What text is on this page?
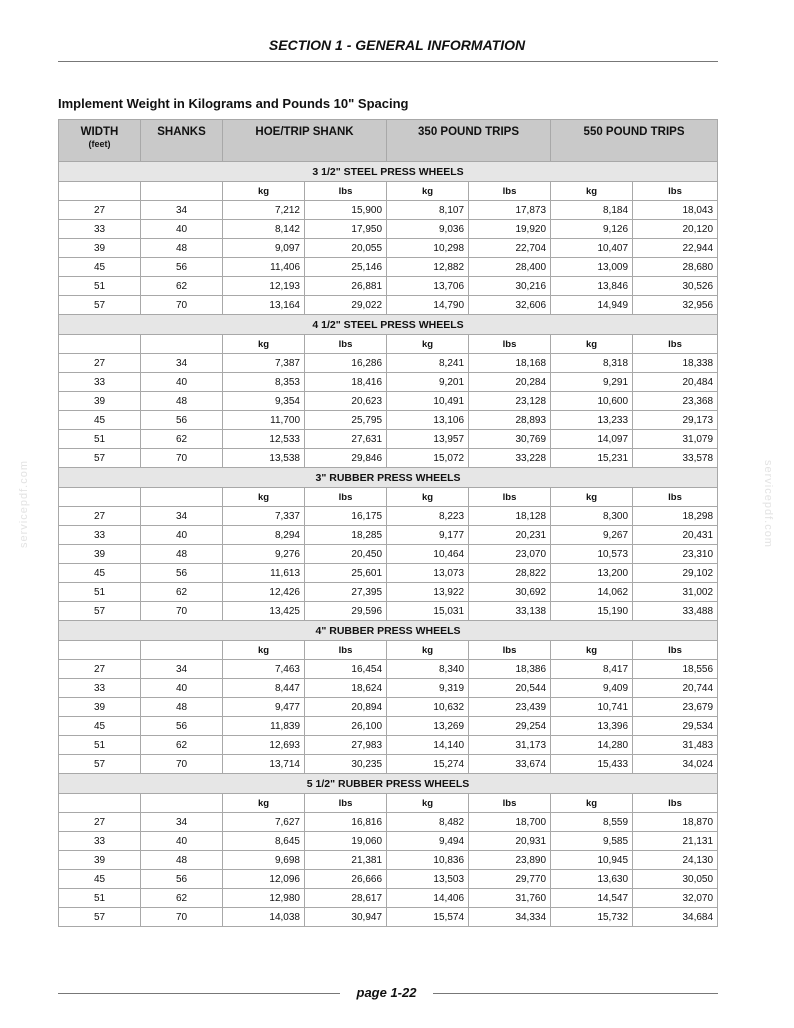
SECTION 1 - GENERAL INFORMATION
Implement Weight in Kilograms and Pounds 10" Spacing
WIDTH
(feet)	SHANKS	HOE/TRIP SHANK		350 POUND TRIPS		550 POUND TRIPS	
3 1/2" STEEL PRESS WHEELS							
		kg	lbs	kg	lbs	kg	lbs
27	34	7,212	15,900	8,107	17,873	8,184	18,043
33	40	8,142	17,950	9,036	19,920	9,126	20,120
39	48	9,097	20,055	10,298	22,704	10,407	22,944
45	56	11,406	25,146	12,882	28,400	13,009	28,680
51	62	12,193	26,881	13,706	30,216	13,846	30,526
57	70	13,164	29,022	14,790	32,606	14,949	32,956
4 1/2" STEEL PRESS WHEELS							
		kg	lbs	kg	lbs	kg	lbs
27	34	7,387	16,286	8,241	18,168	8,318	18,338
33	40	8,353	18,416	9,201	20,284	9,291	20,484
39	48	9,354	20,623	10,491	23,128	10,600	23,368
45	56	11,700	25,795	13,106	28,893	13,233	29,173
51	62	12,533	27,631	13,957	30,769	14,097	31,079
57	70	13,538	29,846	15,072	33,228	15,231	33,578
3" RUBBER PRESS WHEELS							
		kg	lbs	kg	lbs	kg	lbs
27	34	7,337	16,175	8,223	18,128	8,300	18,298
33	40	8,294	18,285	9,177	20,231	9,267	20,431
39	48	9,276	20,450	10,464	23,070	10,573	23,310
45	56	11,613	25,601	13,073	28,822	13,200	29,102
51	62	12,426	27,395	13,922	30,692	14,062	31,002
57	70	13,425	29,596	15,031	33,138	15,190	33,488
4" RUBBER PRESS WHEELS							
		kg	lbs	kg	lbs	kg	lbs
27	34	7,463	16,454	8,340	18,386	8,417	18,556
33	40	8,447	18,624	9,319	20,544	9,409	20,744
39	48	9,477	20,894	10,632	23,439	10,741	23,679
45	56	11,839	26,100	13,269	29,254	13,396	29,534
51	62	12,693	27,983	14,140	31,173	14,280	31,483
57	70	13,714	30,235	15,274	33,674	15,433	34,024
5 1/2" RUBBER PRESS WHEELS							
		kg	lbs	kg	lbs	kg	lbs
27	34	7,627	16,816	8,482	18,700	8,559	18,870
33	40	8,645	19,060	9,494	20,931	9,585	21,131
39	48	9,698	21,381	10,836	23,890	10,945	24,130
45	56	12,096	26,666	13,503	29,770	13,630	30,050
51	62	12,980	28,617	14,406	31,760	14,547	32,070
57	70	14,038	30,947	15,574	34,334	15,732	34,684
servicepdf.com	servicepdf.com
page 1-22
